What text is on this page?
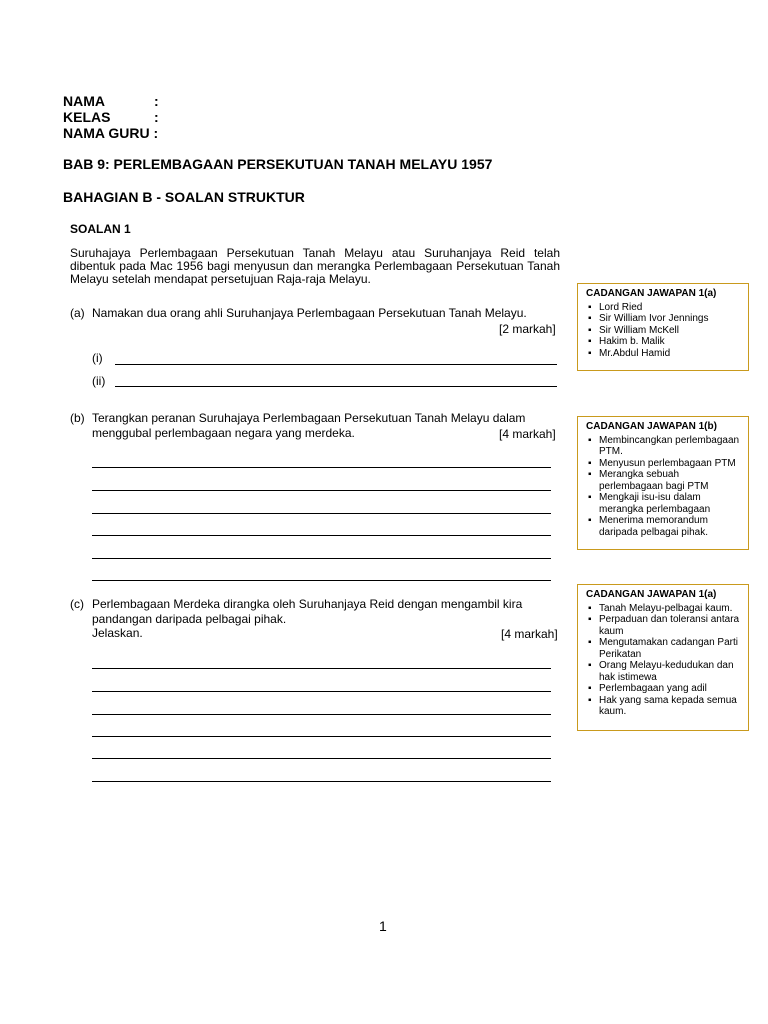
NAMA	:
KELAS	:
NAMA GURU :
BAB 9: PERLEMBAGAAN PERSEKUTUAN TANAH MELAYU 1957
BAHAGIAN B - SOALAN STRUKTUR
SOALAN 1
Suruhajaya Perlembagaan Persekutuan Tanah Melayu atau Suruhanjaya Reid telah dibentuk pada Mac 1956 bagi menyusun dan merangka Perlembagaan Persekutuan Tanah Melayu setelah mendapat persetujuan Raja-raja Melayu.
(a) Namakan dua orang ahli Suruhanjaya Perlembagaan Persekutuan Tanah Melayu.
[2 markah]
(i)
(ii)
(b) Terangkan peranan Suruhajaya Perlembagaan Persekutuan Tanah Melayu dalam
menggubal perlembagaan negara yang merdeka.	[4 markah]
(c) Perlembagaan Merdeka dirangka oleh Suruhanjaya Reid dengan mengambil kira
pandangan daripada pelbagai pihak.
Jelaskan.	[4 markah]
CADANGAN JAWAPAN 1(a)
▪ Lord Ried
▪ Sir William Ivor Jennings
▪ Sir William McKell
▪ Hakim b. Malik
▪ Mr.Abdul Hamid
CADANGAN JAWAPAN 1(b)
▪ Membincangkan perlembagaan PTM.
▪ Menyusun perlembagaan PTM
▪ Merangka sebuah perlembagaan bagi PTM
▪ Mengkaji isu-isu dalam merangka perlembagaan
▪ Menerima memorandum daripada pelbagai pihak.
CADANGAN JAWAPAN 1(a)
▪ Tanah Melayu-pelbagai kaum.
▪ Perpaduan dan toleransi antara kaum
▪ Mengutamakan cadangan Parti Perikatan
▪ Orang Melayu-kedudukan dan hak istimewa
▪ Perlembagaan yang adil
▪ Hak yang sama kepada semua kaum.
1
